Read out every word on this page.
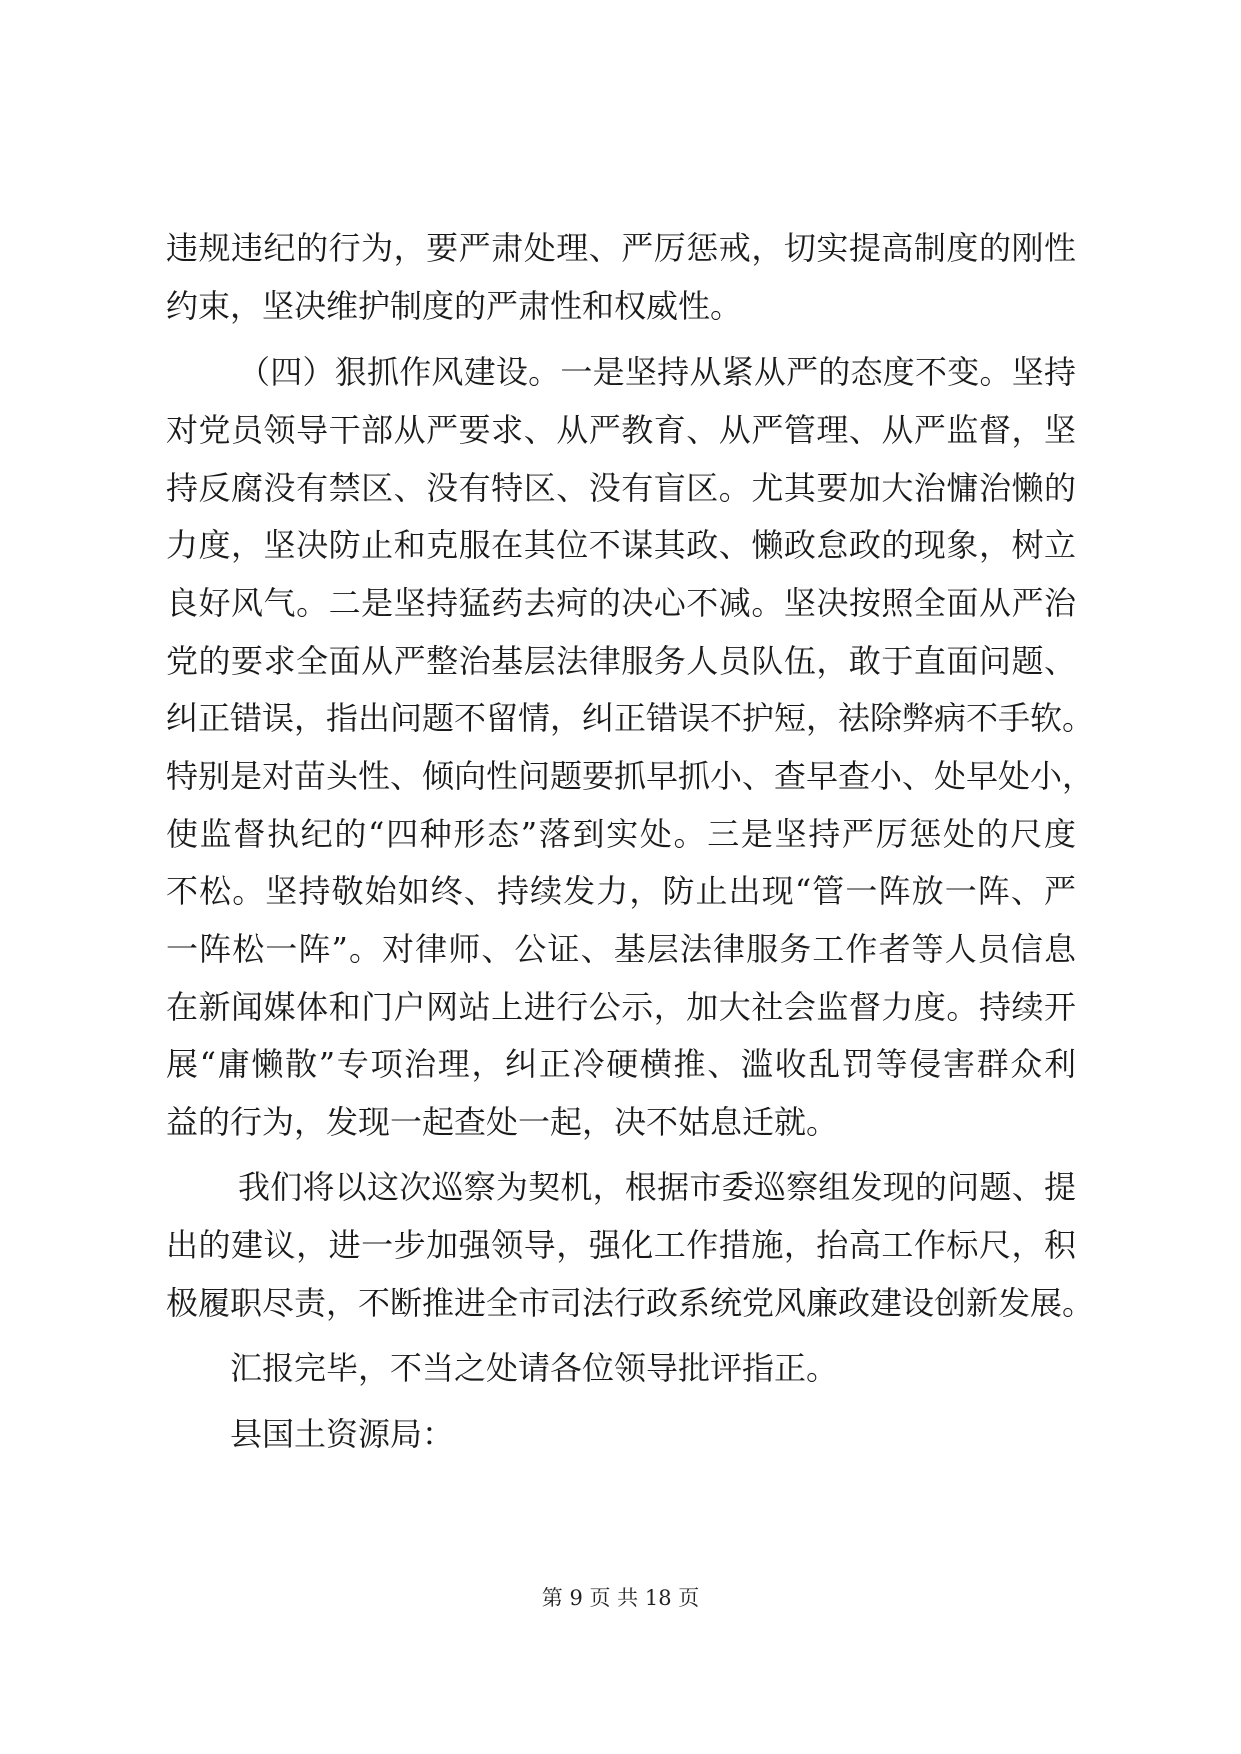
违规违纪的行为，要严肃处理、严厉惩戒，切实提高制度的刚性
约束，坚决维护制度的严肃性和权威性。
（四）狠抓作风建设。一是坚持从紧从严的态度不变。坚持
对党员领导干部从严要求、从严教育、从严管理、从严监督，坚
持反腐没有禁区、没有特区、没有盲区。尤其要加大治慵治懒的
力度，坚决防止和克服在其位不谋其政、懒政怠政的现象，树立
良好风气。二是坚持猛药去疴的决心不减。坚决按照全面从严治
党的要求全面从严整治基层法律服务人员队伍，敢于直面问题、
纠正错误，指出问题不留情，纠正错误不护短，祛除弊病不手软。
特别是对苗头性、倾向性问题要抓早抓小、查早查小、处早处小，
使监督执纪的“四种形态”落到实处。三是坚持严厉惩处的尺度
不松。坚持敬始如终、持续发力，防止出现“管一阵放一阵、严
一阵松一阵”。对律师、公证、基层法律服务工作者等人员信息
在新闻媒体和门户网站上进行公示，加大社会监督力度。持续开
展“庸懒散”专项治理，纠正冷硬横推、滥收乱罚等侵害群众利
益的行为，发现一起查处一起，决不姑息迁就。
我们将以这次巡察为契机，根据市委巡察组发现的问题、提
出的建议，进一步加强领导，强化工作措施，抬高工作标尺，积
极履职尽责，不断推进全市司法行政系统党风廉政建设创新发展。
汇报完毕，不当之处请各位领导批评指正。
县国土资源局：
第 9 页 共 18 页
